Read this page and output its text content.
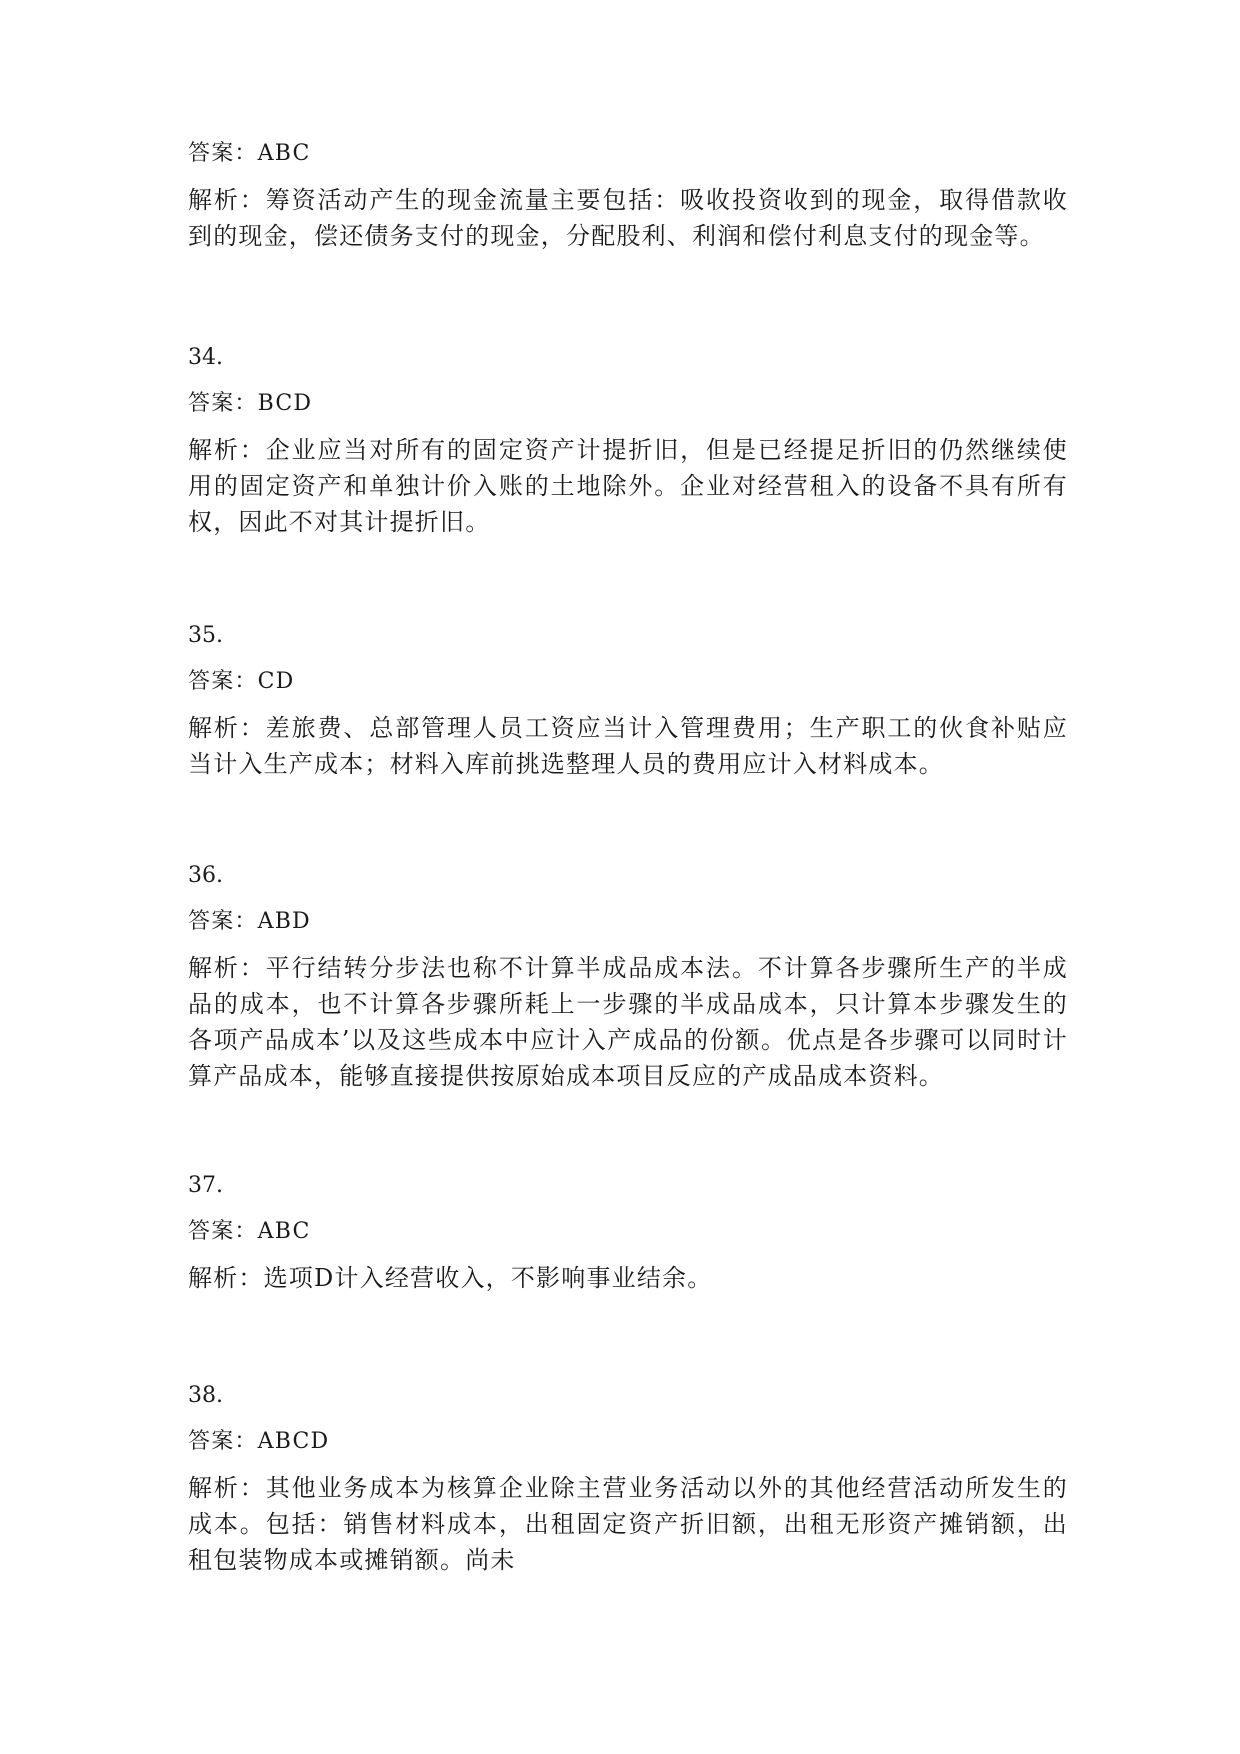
答案：ABC
解析：筹资活动产生的现金流量主要包括：吸收投资收到的现金，取得借款收到的现金，偿还债务支付的现金，分配股利、利润和偿付利息支付的现金等。
34.
答案：BCD
解析：企业应当对所有的固定资产计提折旧，但是已经提足折旧的仍然继续使用的固定资产和单独计价入账的土地除外。企业对经营租入的设备不具有所有权，因此不对其计提折旧。
35.
答案：CD
解析：差旅费、总部管理人员工资应当计入管理费用；生产职工的伙食补贴应当计入生产成本；材料入库前挑选整理人员的费用应计入材料成本。
36.
答案：ABD
解析：平行结转分步法也称不计算半成品成本法。不计算各步骤所生产的半成品的成本，也不计算各步骤所耗上一步骤的半成品成本，只计算本步骤发生的各项产品成本’以及这些成本中应计入产成品的份额。优点是各步骤可以同时计算产品成本，能够直接提供按原始成本项目反应的产成品成本资料。
37.
答案：ABC
解析：选项D计入经营收入，不影响事业结余。
38.
答案：ABCD
解析：其他业务成本为核算企业除主营业务活动以外的其他经营活动所发生的成本。包括：销售材料成本，出租固定资产折旧额，出租无形资产摊销额，出租包装物成本或摊销额。尚未
